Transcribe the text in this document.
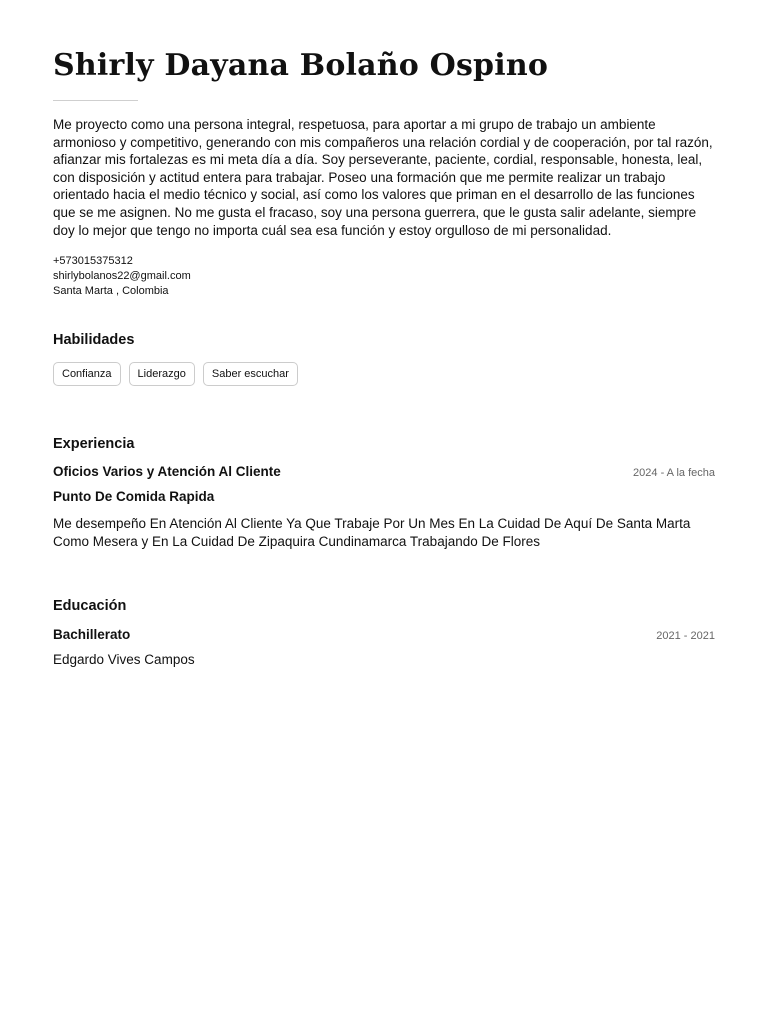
Shirly Dayana Bolaño Ospino

Me proyecto como una persona integral, respetuosa, para aportar a mi grupo de trabajo un ambiente armonioso y competitivo, generando con mis compañeros una relación cordial y de cooperación, por tal razón, afianzar mis fortalezas es mi meta día a día. Soy perseverante, paciente, cordial, responsable, honesta, leal, con disposición y actitud entera para trabajar. Poseo una formación que me permite realizar un trabajo orientado hacia el medio técnico y social, así como los valores que priman en el desarrollo de las funciones que se me asignen. No me gusta el fracaso, soy una persona guerrera, que le gusta salir adelante, siempre doy lo mejor que tengo no importa cuál sea esa función y estoy orgulloso de mi personalidad.

+573015375312
shirlybolanos22@gmail.com
Santa Marta , Colombia
Habilidades
Confianza	Liderazgo	Saber escuchar
Experiencia
Oficios Varios y Atención Al Cliente	2024 - A la fecha
Punto De Comida Rapida

Me desempeño En Atención Al Cliente Ya Que Trabaje Por Un Mes En La Cuidad De Aquí De Santa Marta Como Mesera y En La Cuidad De Zipaquira Cundinamarca Trabajando De Flores

Educación
Bachillerato	2021 - 2021
Edgardo Vives Campos
